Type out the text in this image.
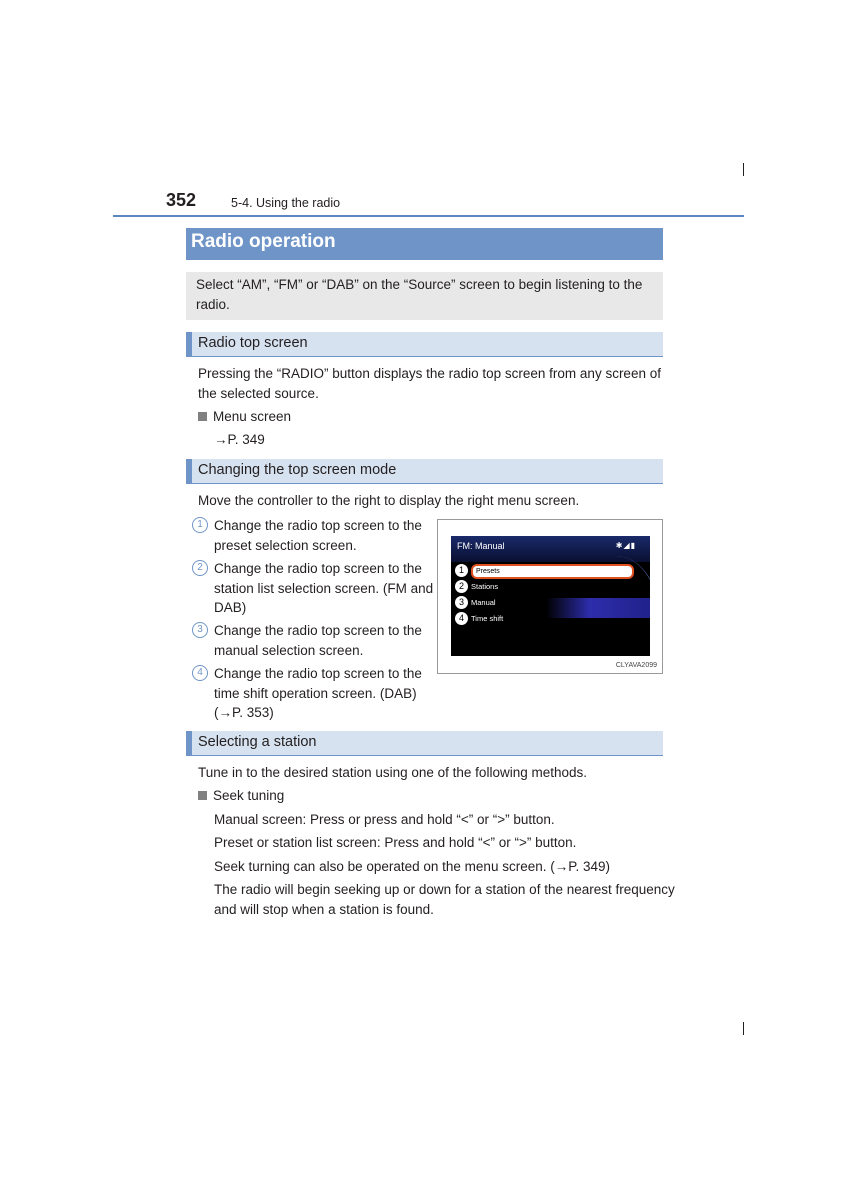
352	5-4. Using the radio
Radio operation
Select “AM”, “FM” or “DAB” on the “Source” screen to begin listening to the radio.
Radio top screen
Pressing the “RADIO” button displays the radio top screen from any screen of
the selected source.
Menu screen
→P. 349
Changing the top screen mode
Move the controller to the right to display the right menu screen.
1 Change the radio top screen to the
preset selection screen.
2 Change the radio top screen to the
station list selection screen. (FM and
DAB)
3 Change the radio top screen to the
manual selection screen.
4 Change the radio top screen to the
time shift operation screen. (DAB)
(→P. 353)
FM: Manual	✱◢▮
1	Presets
2 Stations
3 Manual
4 Time shift
CLYAVA2099
Selecting a station
Tune in to the desired station using one of the following methods.
Seek tuning
Manual screen: Press or press and hold “<” or “>” button.
Preset or station list screen: Press and hold “<” or “>” button.
Seek turning can also be operated on the menu screen. (→P. 349)
The radio will begin seeking up or down for a station of the nearest frequency
and will stop when a station is found.
